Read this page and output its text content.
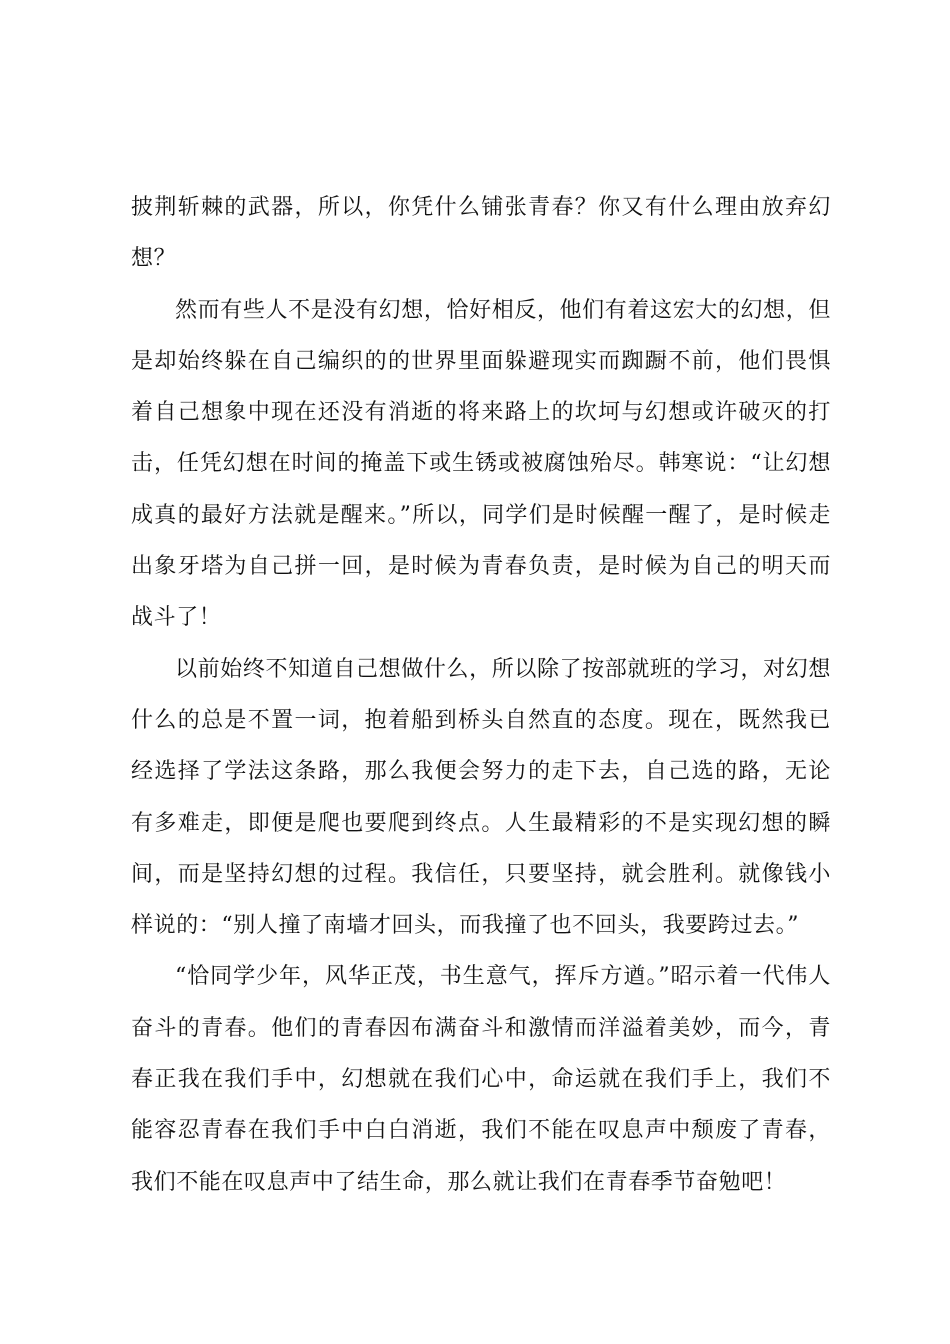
披荆斩棘的武器，所以，你凭什么铺张青春？你又有什么理由放弃幻想？

然而有些人不是没有幻想，恰好相反，他们有着这宏大的幻想，但是却始终躲在自己编织的的世界里面躲避现实而踟蹰不前，他们畏惧着自己想象中现在还没有消逝的将来路上的坎坷与幻想或许破灭的打击，任凭幻想在时间的掩盖下或生锈或被腐蚀殆尽。韩寒说：“让幻想成真的最好方法就是醒来。”所以，同学们是时候醒一醒了，是时候走出象牙塔为自己拼一回，是时候为青春负责，是时候为自己的明天而战斗了！

以前始终不知道自己想做什么，所以除了按部就班的学习，对幻想什么的总是不置一词，抱着船到桥头自然直的态度。现在，既然我已经选择了学法这条路，那么我便会努力的走下去，自己选的路，无论有多难走，即便是爬也要爬到终点。人生最精彩的不是实现幻想的瞬间，而是坚持幻想的过程。我信任，只要坚持，就会胜利。就像钱小样说的：“别人撞了南墙才回头，而我撞了也不回头，我要跨过去。”

“恰同学少年，风华正茂，书生意气，挥斥方遒。”昭示着一代伟人奋斗的青春。他们的青春因布满奋斗和激情而洋溢着美妙，而今，青春正我在我们手中，幻想就在我们心中，命运就在我们手上，我们不能容忍青春在我们手中白白消逝，我们不能在叹息声中颓废了青春，我们不能在叹息声中了结生命，那么就让我们在青春季节奋勉吧！
